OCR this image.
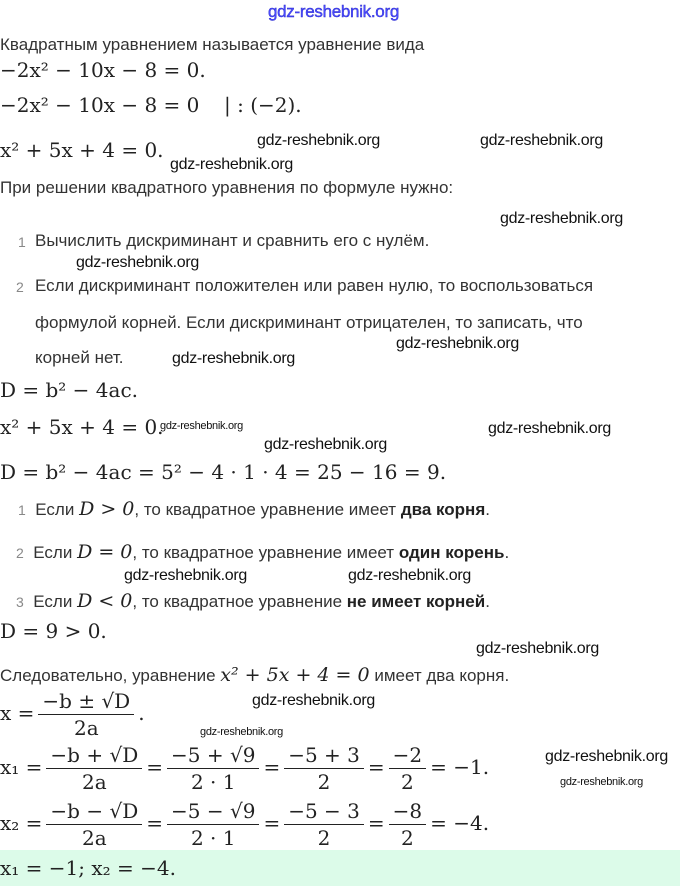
gdz-reshebnik.org
Квадратным уравнением называется уравнение вида
−2x² − 10x − 8 = 0.
−2x² − 10x − 8 = 0 | : (−2).
x² + 5x + 4 = 0.
При решении квадратного уравнения по формуле нужно:
1 Вычислить дискриминант и сравнить его с нулём.
2 Если дискриминант положителен или равен нулю, то воспользоваться
формулой корней. Если дискриминант отрицателен, то записать, что
корней нет.
D = b² − 4ac.
x² + 5x + 4 = 0.
D = b² − 4ac = 5² − 4 · 1 · 4 = 25 − 16 = 9.
1 Если D > 0, то квадратное уравнение имеет два корня.
2 Если D = 0, то квадратное уравнение имеет один корень.
3 Если D < 0, то квадратное уравнение не имеет корней.
D = 9 > 0.
Следовательно, уравнение x² + 5x + 4 = 0 имеет два корня.
$x = \frac{-b \pm √D}{2a}$ .
$x_1 = \frac{-b + √D}{2a} = \frac{-5 + √9}{2 \cdot 1} = \frac{-5 + 3}{2} = \frac{-2}{2} = -1$.
$x_2 = \frac{-b - √D}{2a} = \frac{-5 - √9}{2 \cdot 1} = \frac{-5 - 3}{2} = \frac{-8}{2} = -4$.
x₁ = −1; x₂ = −4.
gdz-reshebnik.org	gdz-reshebnik.org
gdz-reshebnik.org
gdz-reshebnik.org
gdz-reshebnik.org
gdz-reshebnik.org
gdz-reshebnik.org
gdz-reshebnik.org
gdz-reshebnik.org
gdz-reshebnik.org
gdz-reshebnik.org	gdz-reshebnik.org
gdz-reshebnik.org
gdz-reshebnik.org
gdz-reshebnik.org
gdz-reshebnik.org
gdz-reshebnik.org
